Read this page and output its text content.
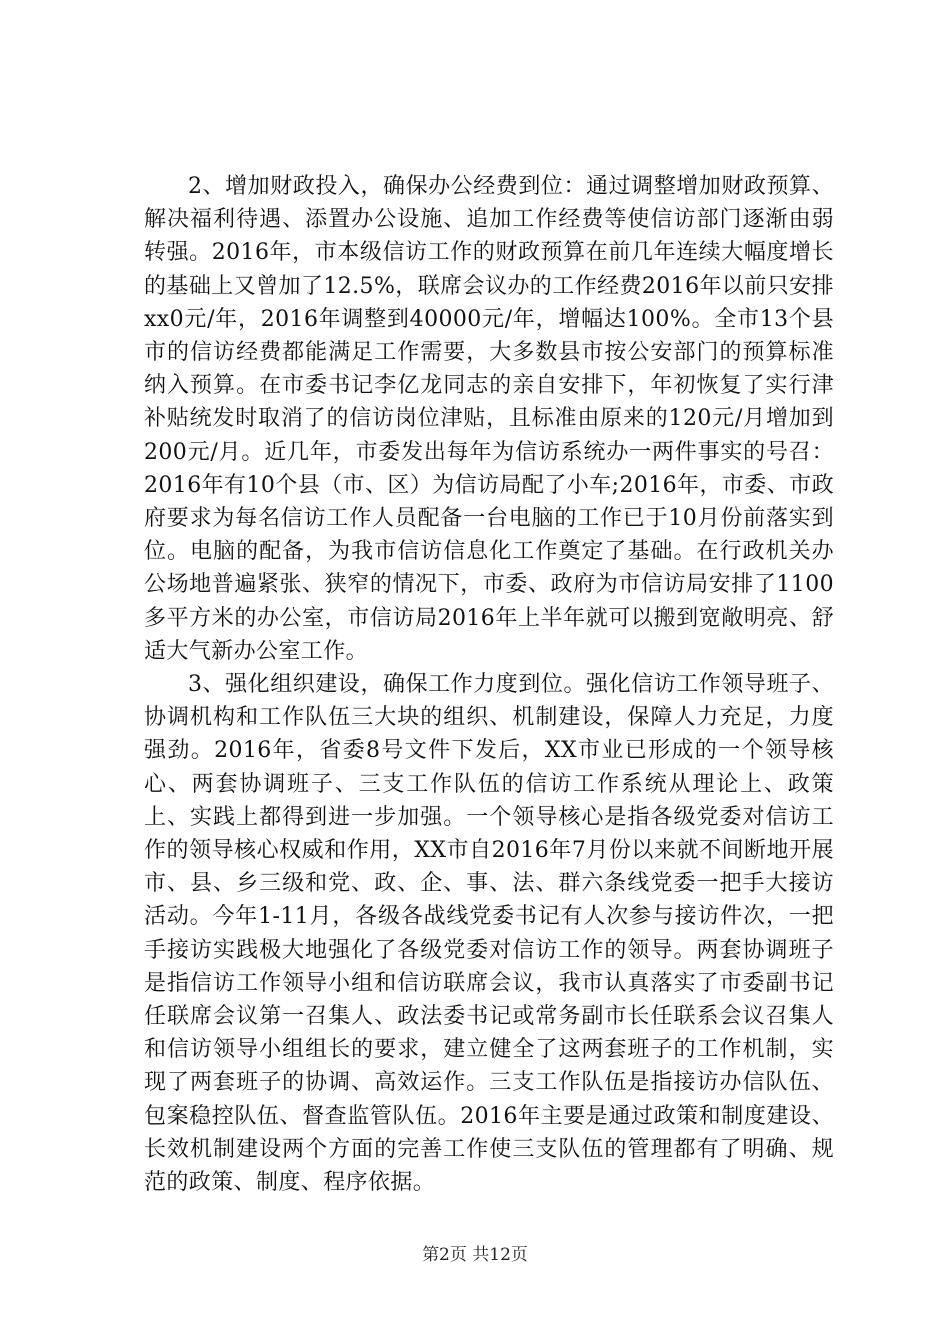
2、增加财政投入，确保办公经费到位：通过调整增加财政预算、解决福利待遇、添置办公设施、追加工作经费等使信访部门逐渐由弱转强。2016年，市本级信访工作的财政预算在前几年连续大幅度增长的基础上又曾加了12.5%，联席会议办的工作经费2016年以前只安排xx0元/年，2016年调整到40000元/年，增幅达100%。全市13个县市的信访经费都能满足工作需要，大多数县市按公安部门的预算标准纳入预算。在市委书记李亿龙同志的亲自安排下，年初恢复了实行津补贴统发时取消了的信访岗位津贴，且标准由原来的120元/月增加到200元/月。近几年，市委发出每年为信访系统办一两件事实的号召：2016年有10个县（市、区）为信访局配了小车;2016年，市委、市政府要求为每名信访工作人员配备一台电脑的工作已于10月份前落实到位。电脑的配备，为我市信访信息化工作奠定了基础。在行政机关办公场地普遍紧张、狭窄的情况下，市委、政府为市信访局安排了1100多平方米的办公室，市信访局2016年上半年就可以搬到宽敞明亮、舒适大气新办公室工作。

3、强化组织建设，确保工作力度到位。强化信访工作领导班子、协调机构和工作队伍三大块的组织、机制建设，保障人力充足，力度强劲。2016年，省委8号文件下发后，XX市业已形成的一个领导核心、两套协调班子、三支工作队伍的信访工作系统从理论上、政策上、实践上都得到进一步加强。一个领导核心是指各级党委对信访工作的领导核心权威和作用，XX市自2016年7月份以来就不间断地开展市、县、乡三级和党、政、企、事、法、群六条线党委一把手大接访活动。今年1-11月，各级各战线党委书记有人次参与接访件次，一把手接访实践极大地强化了各级党委对信访工作的领导。两套协调班子是指信访工作领导小组和信访联席会议，我市认真落实了市委副书记任联席会议第一召集人、政法委书记或常务副市长任联系会议召集人和信访领导小组组长的要求，建立健全了这两套班子的工作机制，实现了两套班子的协调、高效运作。三支工作队伍是指接访办信队伍、包案稳控队伍、督查监管队伍。2016年主要是通过政策和制度建设、长效机制建设两个方面的完善工作使三支队伍的管理都有了明确、规范的政策、制度、程序依据。

第2页 共12页
